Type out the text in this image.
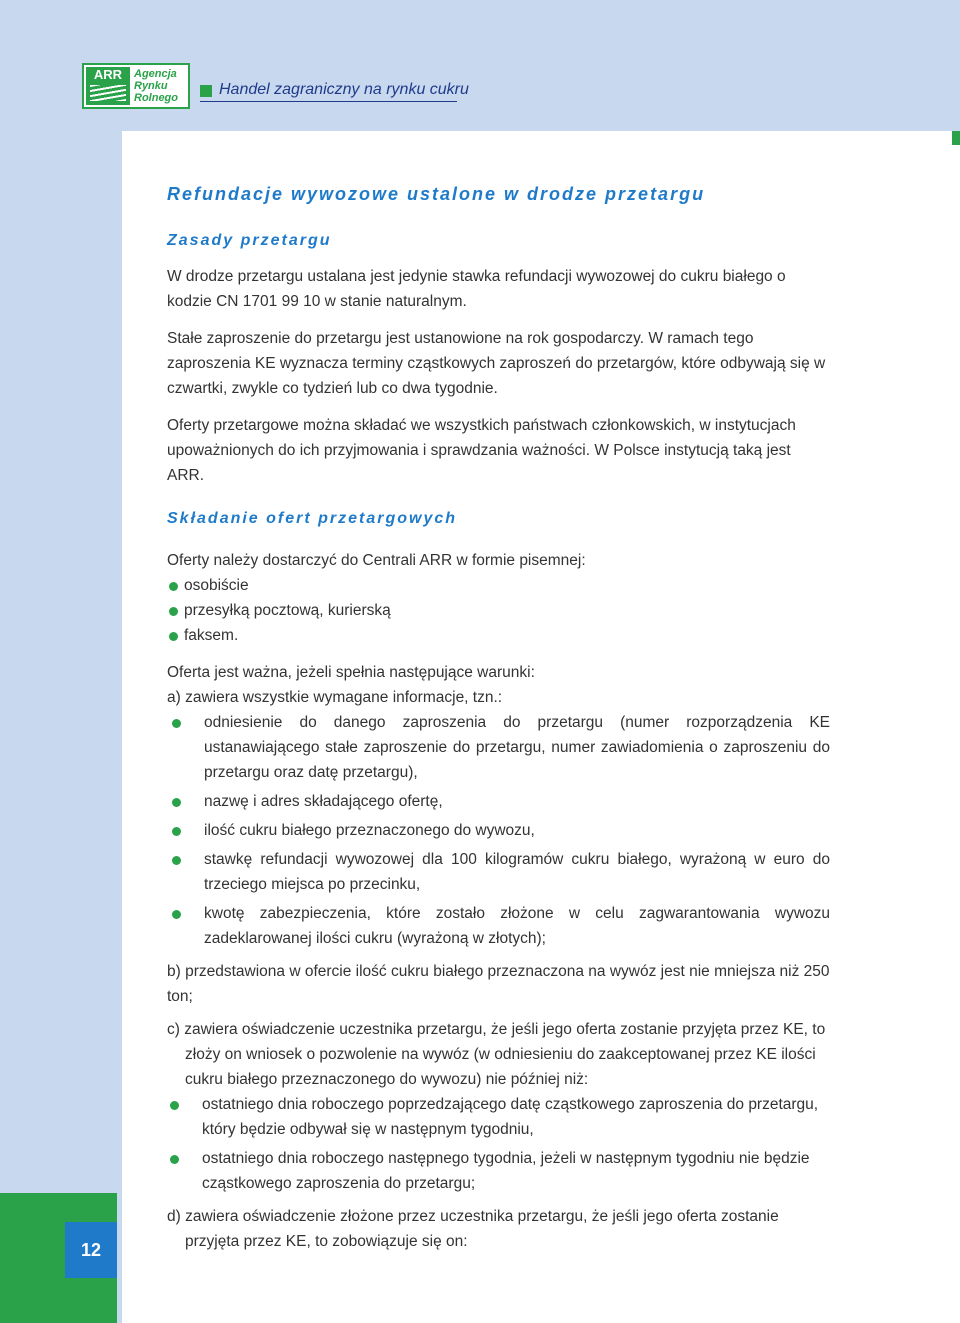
ARR	Agencja
Rynku
Rolnego	Handel zagraniczny na rynku cukru
Refundacje wywozowe ustalone w drodze przetargu
Zasady przetargu

W drodze przetargu ustalana jest jedynie stawka refundacji wywozowej do cukru białego o kodzie CN 1701 99 10 w stanie naturalnym.

Stałe zaproszenie do przetargu jest ustanowione na rok gospodarczy. W ramach tego zaproszenia KE wyznacza terminy cząstkowych zaproszeń do przetargów, które odbywają się w czwartki, zwykle co tydzień lub co dwa tygodnie.

Oferty przetargowe można składać we wszystkich państwach członkowskich, w instytucjach upoważnionych do ich przyjmowania i sprawdzania ważności. W Polsce instytucją taką jest ARR.

Składanie ofert przetargowych

Oferty należy dostarczyć do Centrali ARR w formie pisemnej:

osobiście
przesyłką pocztową, kurierską
faksem.

Oferta jest ważna, jeżeli spełnia następujące warunki:

a) zawiera wszystkie wymagane informacje, tzn.:

odniesienie do danego zaproszenia do przetargu (numer rozporządzenia KE ustanawiającego stałe zaproszenie do przetargu, numer zawiadomienia o zaproszeniu do przetargu oraz datę przetargu),
nazwę i adres składającego ofertę,
ilość cukru białego przeznaczonego do wywozu,
stawkę refundacji wywozowej dla 100 kilogramów cukru białego, wyrażoną w euro do trzeciego miejsca po przecinku,
kwotę zabezpieczenia, które zostało złożone w celu zagwarantowania wywozu zadeklarowanej ilości cukru (wyrażoną w złotych);

b) przedstawiona w ofercie ilość cukru białego przeznaczona na wywóz jest nie mniejsza niż 250 ton;

c) zawiera oświadczenie uczestnika przetargu, że jeśli jego oferta zostanie przyjęta przez KE, to złoży on wniosek o pozwolenie na wywóz (w odniesieniu do zaakceptowanej przez KE ilości cukru białego przeznaczonego do wywozu) nie później niż:

ostatniego dnia roboczego poprzedzającego datę cząstkowego zaproszenia do przetargu, który będzie odbywał się w następnym tygodniu,
ostatniego dnia roboczego następnego tygodnia, jeżeli w następnym tygodniu nie będzie cząstkowego zaproszenia do przetargu;

d) zawiera oświadczenie złożone przez uczestnika przetargu, że jeśli jego oferta zostanie przyjęta przez KE, to zobowiązuje się on:

12
